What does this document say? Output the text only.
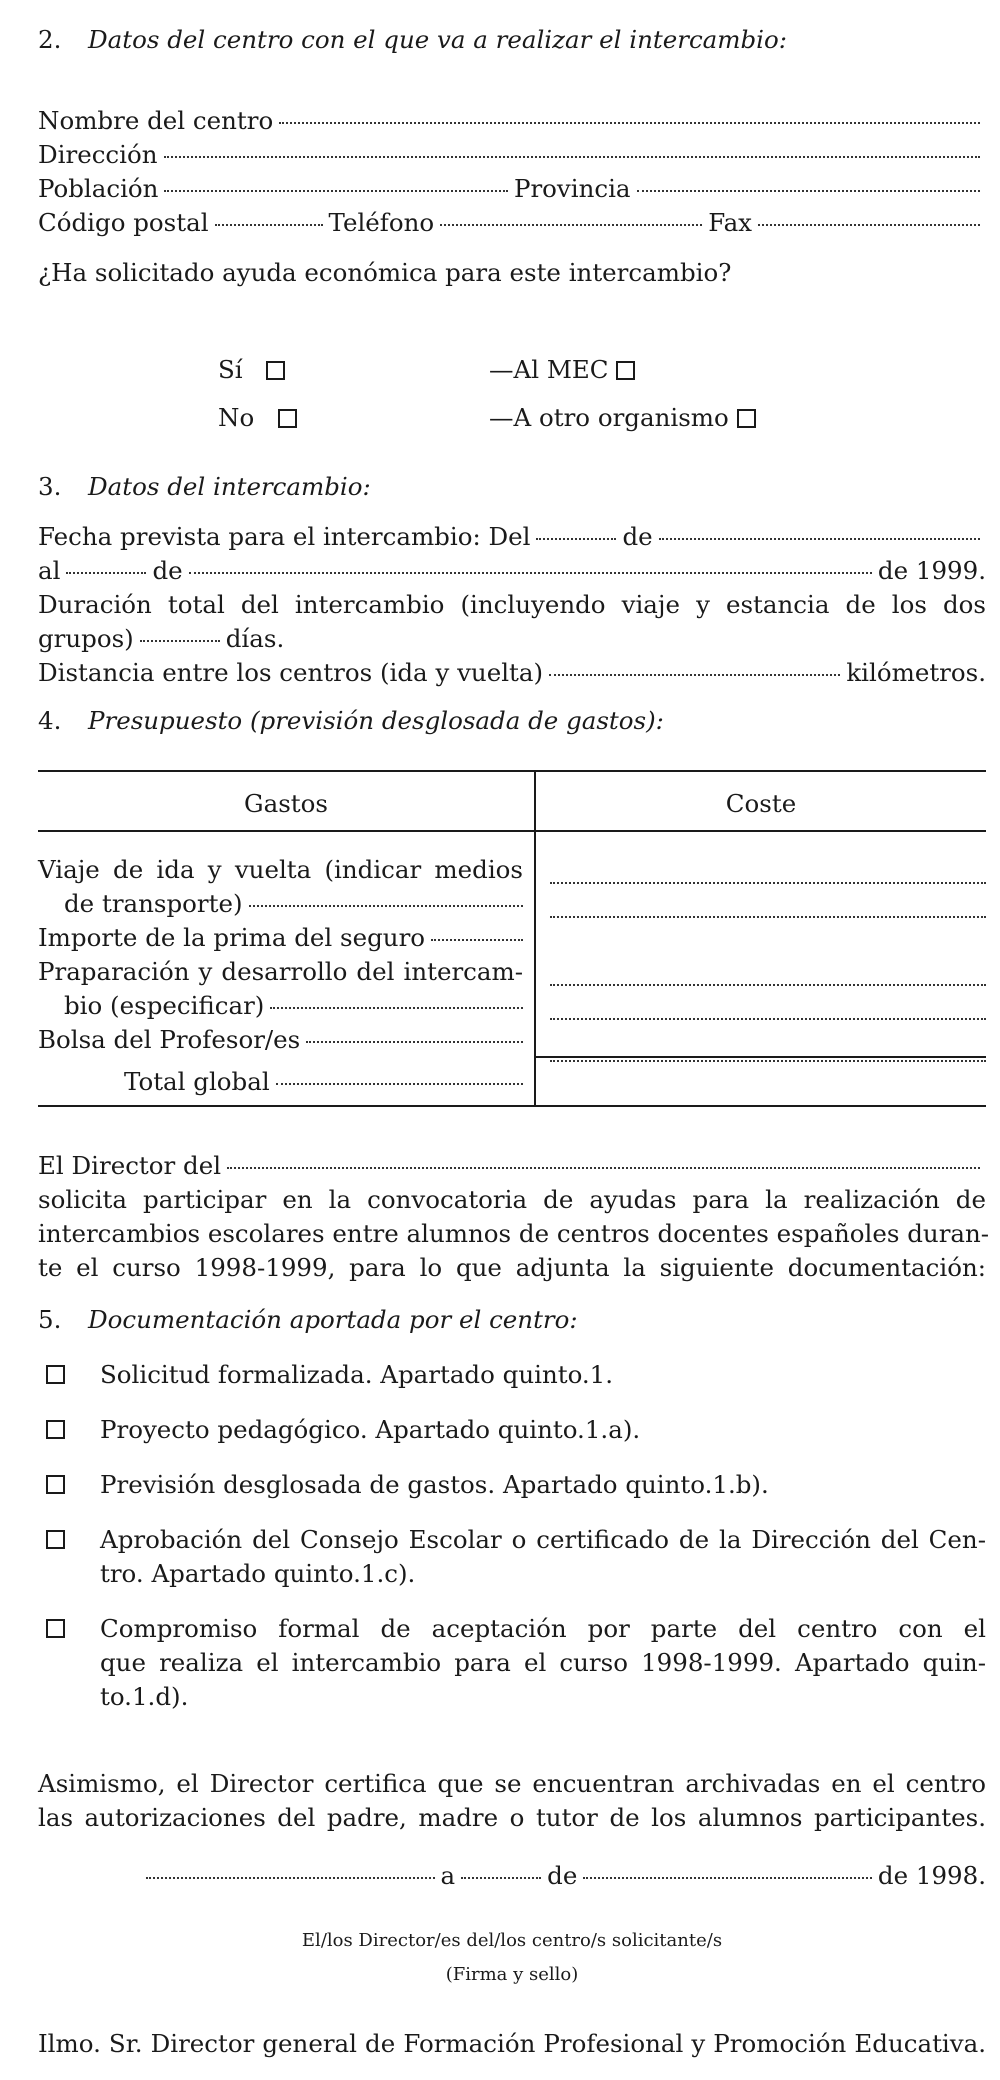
2. Datos del centro con el que va a realizar el intercambio:
Nombre del centro
Dirección
Población	Provincia
Código postal	Teléfono	Fax
¿Ha solicitado ayuda económica para este intercambio?
Sí
No
—Al MEC
—A otro organismo
3. Datos del intercambio:
Fecha prevista para el intercambio: Del	de
al	de	de 1999.
Duración total del intercambio (incluyendo viaje y estancia de los dos
grupos)	días.
Distancia entre los centros (ida y vuelta)	kilómetros.
4. Presupuesto (previsión desglosada de gastos):
Gastos	Coste
Viaje de ida y vuelta (indicar medios
de transporte)
Importe de la prima del seguro
Praparación y desarrollo del intercam-
bio (especificar)
Bolsa del Profesor/es
Total global
El Director del
solicita participar en la convocatoria de ayudas para la realización de
intercambios escolares entre alumnos de centros docentes españoles duran-
te el curso 1998-1999, para lo que adjunta la siguiente documentación:
5. Documentación aportada por el centro:
Solicitud formalizada. Apartado quinto.1.
Proyecto pedagógico. Apartado quinto.1.a).
Previsión desglosada de gastos. Apartado quinto.1.b).
Aprobación del Consejo Escolar o certificado de la Dirección del Cen-
tro. Apartado quinto.1.c).
Compromiso formal de aceptación por parte del centro con el
que realiza el intercambio para el curso 1998-1999. Apartado quin-
to.1.d).
Asimismo, el Director certifica que se encuentran archivadas en el centro
las autorizaciones del padre, madre o tutor de los alumnos participantes.
a	de	de 1998.
El/los Director/es del/los centro/s solicitante/s
(Firma y sello)
Ilmo. Sr. Director general de Formación Profesional y Promoción Educativa.
